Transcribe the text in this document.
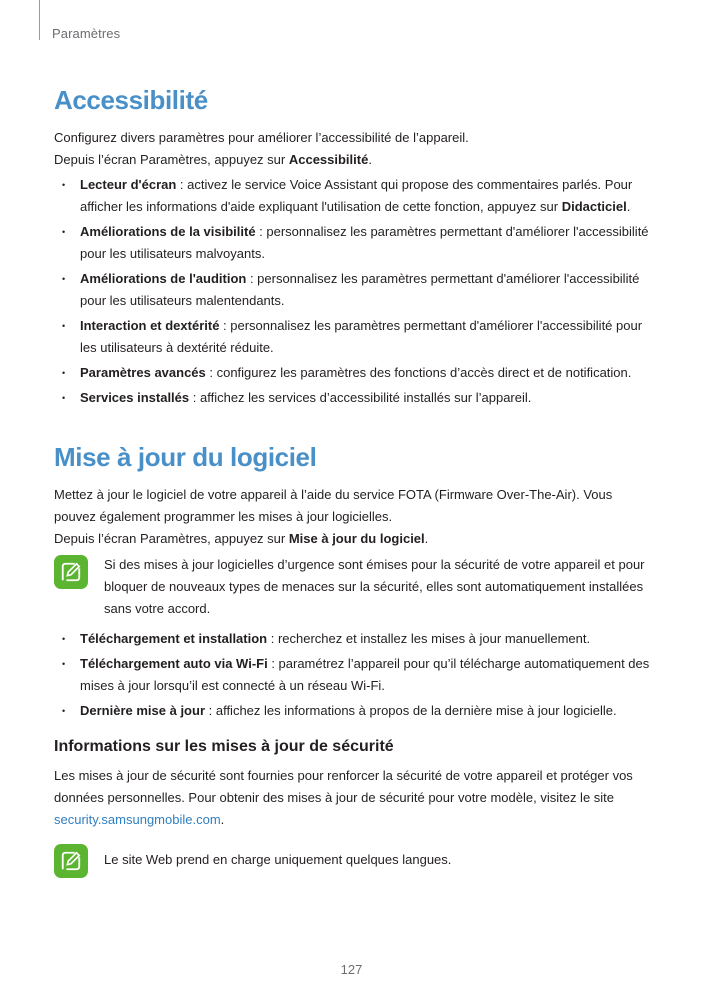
Paramètres
Accessibilité

Configurez divers paramètres pour améliorer l’accessibilité de l’appareil.

Depuis l’écran Paramètres, appuyez sur Accessibilité.

• Lecteur d'écran : activez le service Voice Assistant qui propose des commentaires parlés. Pour afficher les informations d'aide expliquant l'utilisation de cette fonction, appuyez sur Didacticiel.
• Améliorations de la visibilité : personnalisez les paramètres permettant d'améliorer l'accessibilité pour les utilisateurs malvoyants.
• Améliorations de l'audition : personnalisez les paramètres permettant d'améliorer l'accessibilité pour les utilisateurs malentendants.
• Interaction et dextérité : personnalisez les paramètres permettant d'améliorer l'accessibilité pour les utilisateurs à dextérité réduite.
• Paramètres avancés : configurez les paramètres des fonctions d’accès direct et de notification.
• Services installés : affichez les services d’accessibilité installés sur l’appareil.
Mise à jour du logiciel

Mettez à jour le logiciel de votre appareil à l’aide du service FOTA (Firmware Over-The-Air). Vous pouvez également programmer les mises à jour logicielles.

Depuis l’écran Paramètres, appuyez sur Mise à jour du logiciel.

Si des mises à jour logicielles d’urgence sont émises pour la sécurité de votre appareil et pour bloquer de nouveaux types de menaces sur la sécurité, elles sont automatiquement installées sans votre accord.
• Téléchargement et installation : recherchez et installez les mises à jour manuellement.
• Téléchargement auto via Wi-Fi : paramétrez l’appareil pour qu’il télécharge automatiquement des mises à jour lorsqu’il est connecté à un réseau Wi-Fi.
• Dernière mise à jour : affichez les informations à propos de la dernière mise à jour logicielle.
Informations sur les mises à jour de sécurité

Les mises à jour de sécurité sont fournies pour renforcer la sécurité de votre appareil et protéger vos données personnelles. Pour obtenir des mises à jour de sécurité pour votre modèle, visitez le site security.samsungmobile.com.

Le site Web prend en charge uniquement quelques langues.
127
